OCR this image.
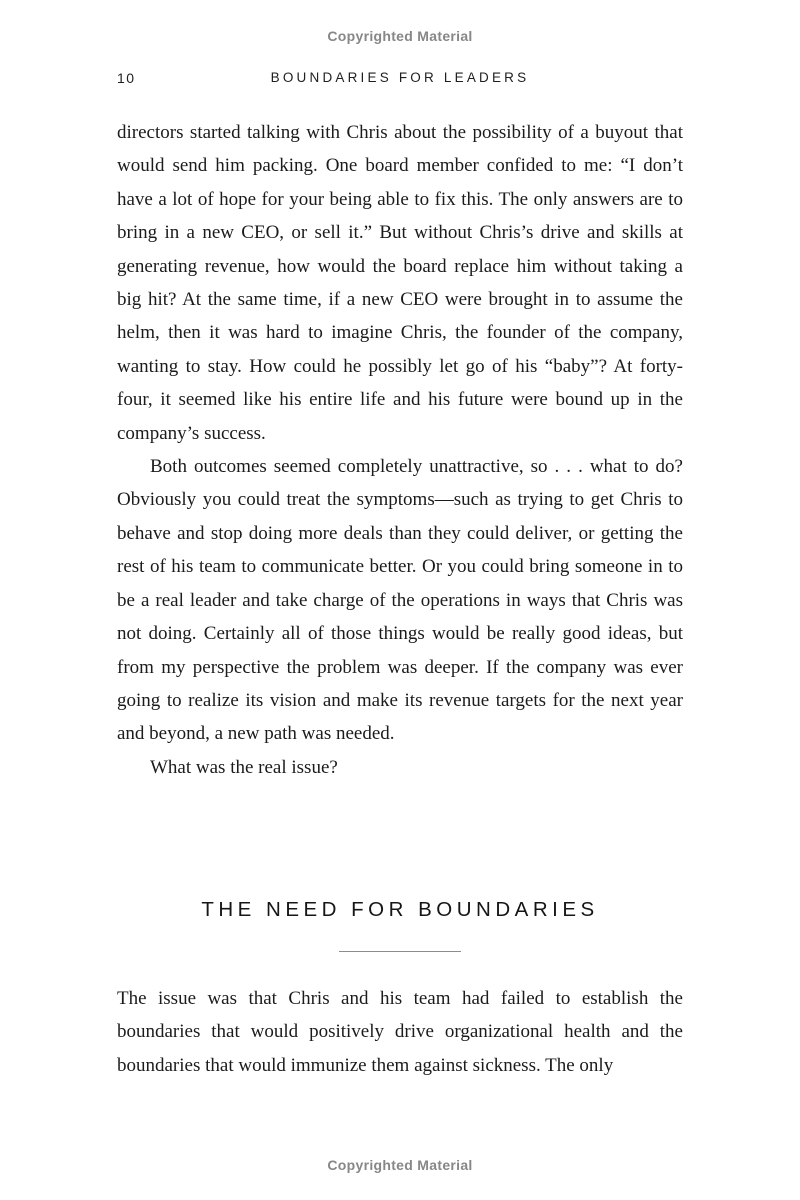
Copyrighted Material
10	BOUNDARIES FOR LEADERS

directors started talking with Chris about the possibility of a buyout that would send him packing. One board member confided to me: “I don’t have a lot of hope for your being able to fix this. The only answers are to bring in a new CEO, or sell it.” But without Chris’s drive and skills at generating revenue, how would the board replace him without taking a big hit? At the same time, if a new CEO were brought in to assume the helm, then it was hard to imagine Chris, the founder of the company, wanting to stay. How could he possibly let go of his “baby”? At forty-four, it seemed like his entire life and his future were bound up in the company’s success.

Both outcomes seemed completely unattractive, so . . . what to do? Obviously you could treat the symptoms—such as trying to get Chris to behave and stop doing more deals than they could deliver, or getting the rest of his team to communicate better. Or you could bring someone in to be a real leader and take charge of the operations in ways that Chris was not doing. Certainly all of those things would be really good ideas, but from my perspective the problem was deeper. If the company was ever going to realize its vision and make its revenue targets for the next year and beyond, a new path was needed.

What was the real issue?

THE NEED FOR BOUNDARIES

The issue was that Chris and his team had failed to establish the boundaries that would positively drive organizational health and the boundaries that would immunize them against sickness. The only

Copyrighted Material
